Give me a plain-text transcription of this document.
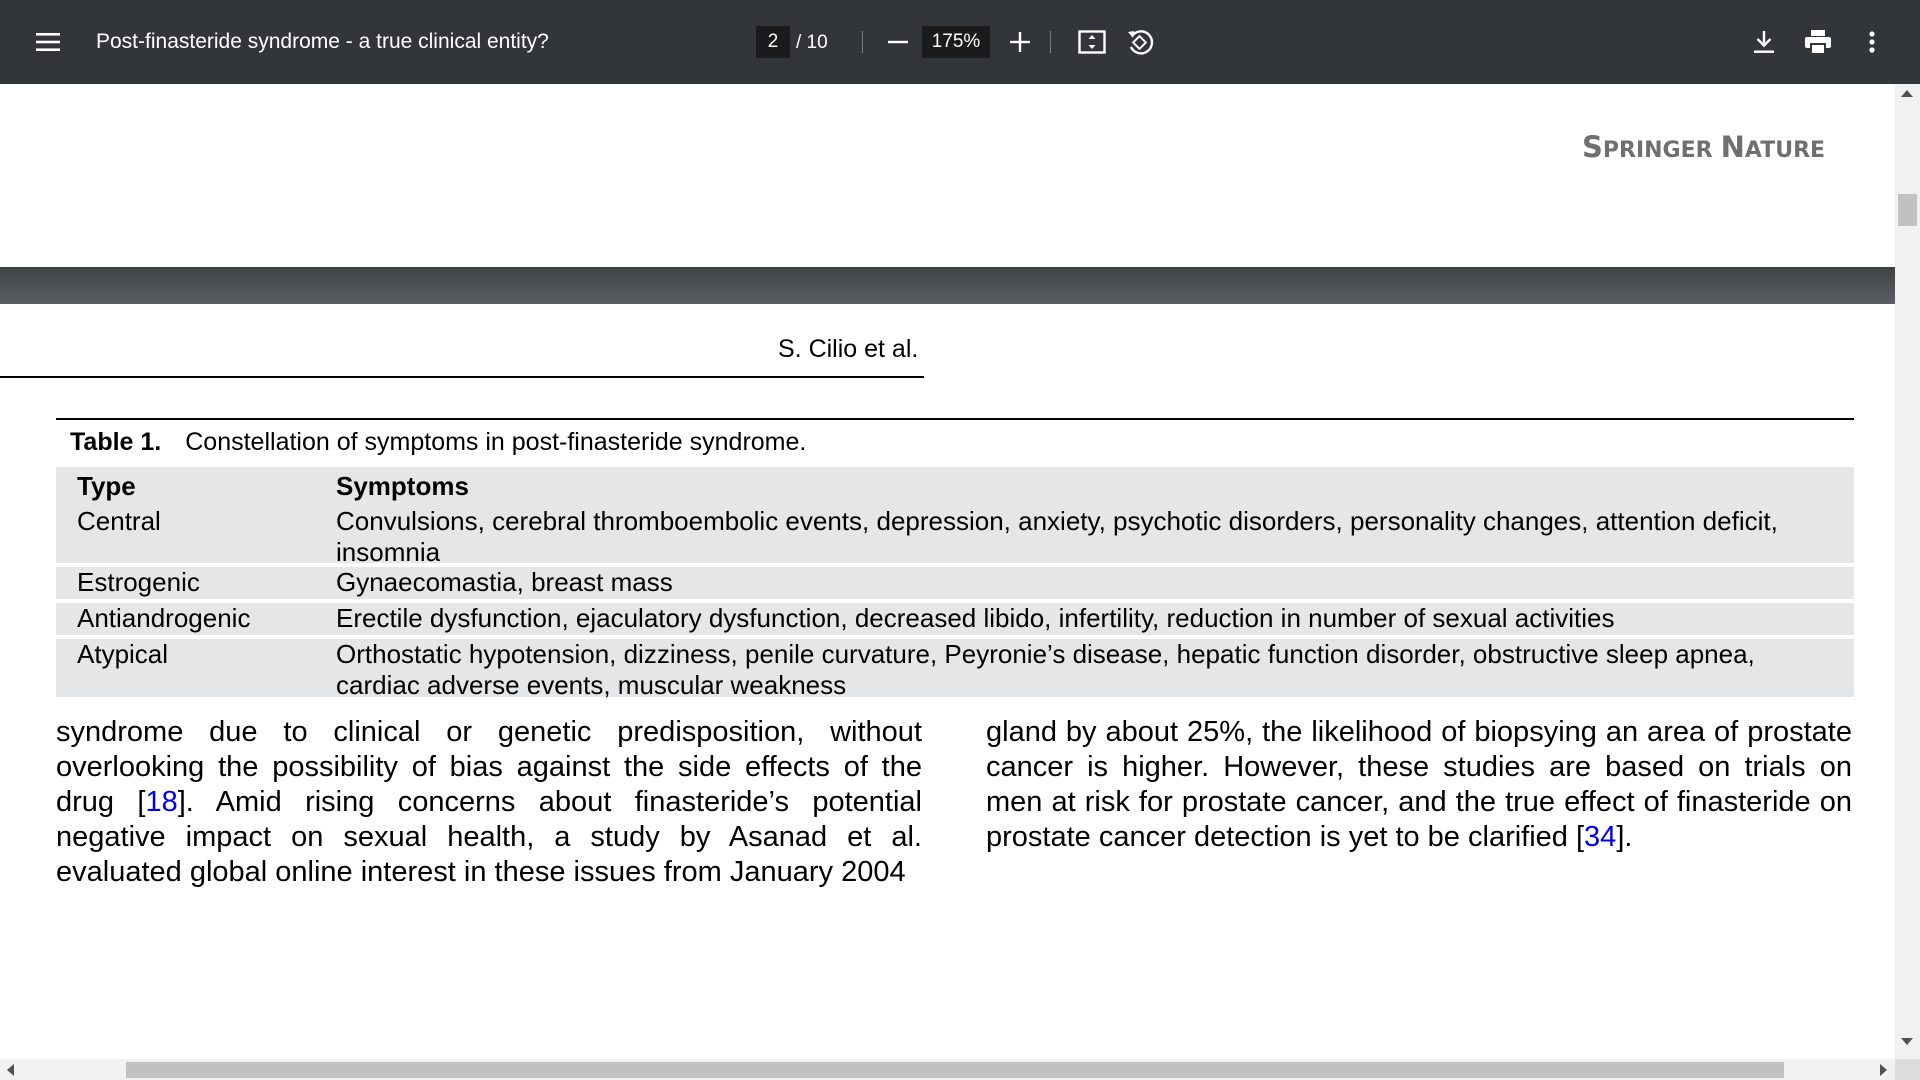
Post-finasteride syndrome - a true clinical entity?
2	/ 10
175%
SPRINGER NATURE
S. Cilio et al.
Table 1. Constellation of symptoms in post-finasteride syndrome.
Type	Symptoms
Central	Convulsions, cerebral thromboembolic events, depression, anxiety, psychotic disorders, personality changes, attention deficit, insomnia
Estrogenic	Gynaecomastia, breast mass
Antiandrogenic	Erectile dysfunction, ejaculatory dysfunction, decreased libido, infertility, reduction in number of sexual activities
Atypical	Orthostatic hypotension, dizziness, penile curvature, Peyronie’s disease, hepatic function disorder, obstructive sleep apnea, cardiac adverse events, muscular weakness
syndrome due to clinical or genetic predisposition, without overlooking the possibility of bias against the side effects of the drug [18]. Amid rising concerns about finasteride’s potential negative impact on sexual health, a study by Asanad et al. evaluated global online interest in these issues from January 2004
gland by about 25%, the likelihood of biopsying an area of prostate cancer is higher. However, these studies are based on trials on men at risk for prostate cancer, and the true effect of finasteride on prostate cancer detection is yet to be clarified [34].
